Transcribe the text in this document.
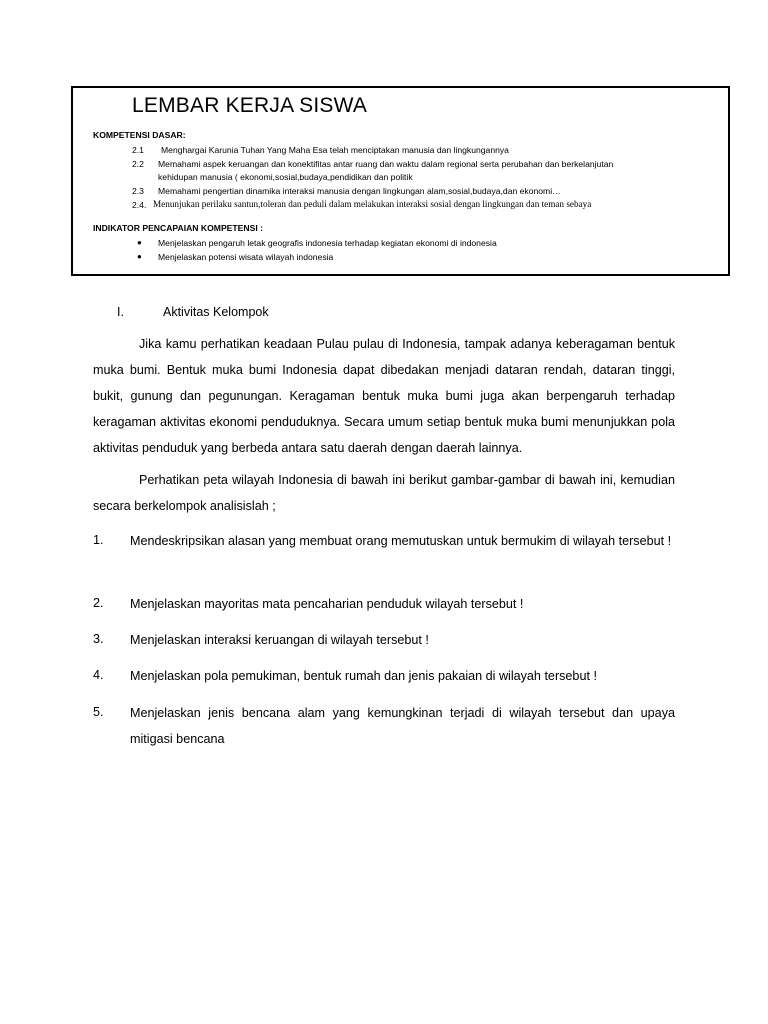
LEMBAR KERJA SISWA
KOMPETENSI DASAR:
2.1 Menghargai Karunia Tuhan Yang Maha Esa telah menciptakan manusia dan lingkungannya
2.2 Memahami aspek keruangan dan konektifitas antar ruang dan waktu dalam regional serta perubahan dan berkelanjutan
kehidupan manusia ( ekonomi,sosial,budaya,pendidikan dan politik
2.3 Memahami pengertian dinamika interaksi manusia dengan lingkungan alam,sosial,budaya,dan ekonomi…
2.4. Menunjukan perilaku santun,toleran dan peduli dalam melakukan interaksi sosial dengan lingkungan dan teman sebaya
INDIKATOR PENCAPAIAN KOMPETENSI :
● Menjelaskan pengaruh letak geografis indonesia terhadap kegiatan ekonomi di indonesia
● Menjelaskan potensi wisata wilayah indonesia
I.	Aktivitas Kelompok

Jika kamu perhatikan keadaan Pulau pulau di Indonesia, tampak adanya keberagaman bentuk muka bumi. Bentuk muka bumi Indonesia dapat dibedakan menjadi dataran rendah, dataran tinggi, bukit, gunung dan pegunungan. Keragaman bentuk muka bumi juga akan berpengaruh terhadap keragaman aktivitas ekonomi penduduknya. Secara umum setiap bentuk muka bumi menunjukkan pola aktivitas penduduk yang berbeda antara satu daerah dengan daerah lainnya.

Perhatikan peta wilayah Indonesia di bawah ini berikut gambar-gambar di bawah ini, kemudian secara berkelompok analisislah ;

1. Mendeskripsikan alasan yang membuat orang memutuskan untuk bermukim di wilayah tersebut !
2. Menjelaskan mayoritas mata pencaharian penduduk wilayah tersebut !
3. Menjelaskan interaksi keruangan di wilayah tersebut !
4. Menjelaskan pola pemukiman, bentuk rumah dan jenis pakaian di wilayah tersebut !
5. Menjelaskan jenis bencana alam yang kemungkinan terjadi di wilayah tersebut dan upaya mitigasi bencana
